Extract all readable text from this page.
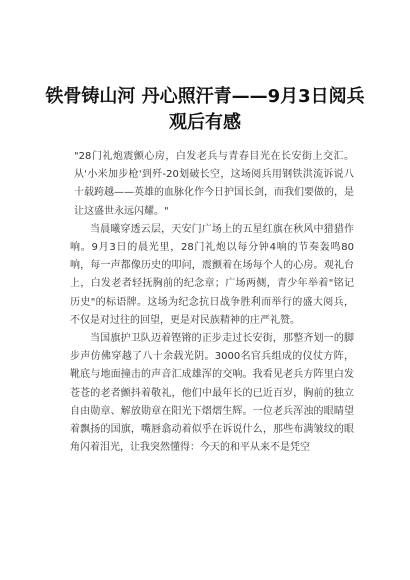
铁骨铸山河 丹心照汗青——9月3日阅兵观后有感

"28门礼炮震颤心房，白发老兵与青春目光在长安街上交汇。从'小米加步枪'到歼-20划破长空，这场阅兵用钢铁洪流诉说八十载跨越——英雄的血脉化作今日护国长剑，而我们要做的，是让这盛世永远闪耀。"

当晨曦穿透云层，天安门广场上的五星红旗在秋风中猎猎作响。9月3日的晨光里，28门礼炮以每分钟4响的节奏轰鸣80响，每一声都像历史的叩问，震颤着在场每个人的心房。观礼台上，白发老者轻抚胸前的纪念章；广场两侧，青少年举着"铭记历史"的标语牌。这场为纪念抗日战争胜利而举行的盛大阅兵，不仅是对过往的回望，更是对民族精神的庄严礼赞。

当国旗护卫队迈着铿锵的正步走过长安街，那整齐划一的脚步声仿佛穿越了八十余载光阴。3000名官兵组成的仪仗方阵，靴底与地面撞击的声音汇成雄浑的交响。我看见老兵方阵里白发苍苍的老者颤抖着敬礼，他们中最年长的已近百岁，胸前的独立自由勋章、解放勋章在阳光下熠熠生辉。一位老兵浑浊的眼睛望着飘扬的国旗，嘴唇翕动着似乎在诉说什么，那些布满皱纹的眼角闪着泪光，让我突然懂得：今天的和平从来不是凭空
